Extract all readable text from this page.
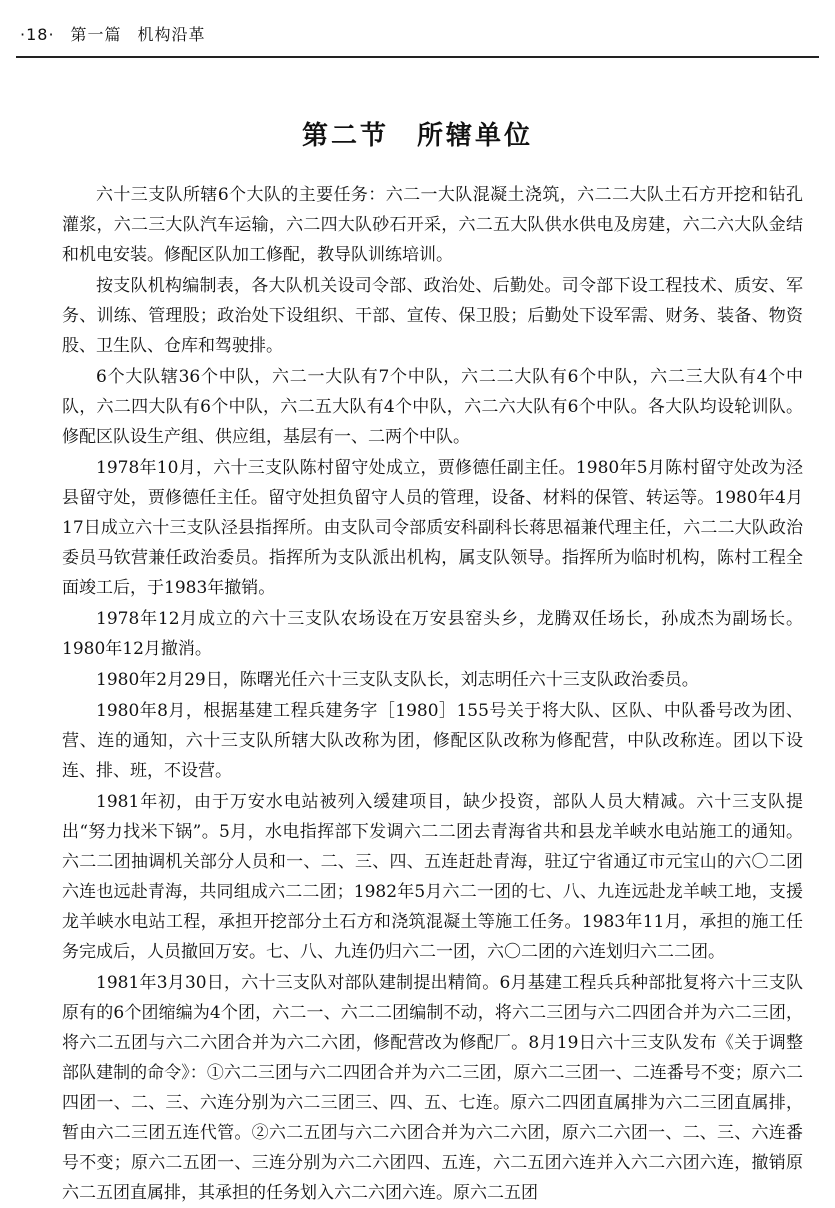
·18· 第一篇 机构沿革
第二节 所辖单位

六十三支队所辖6个大队的主要任务：六二一大队混凝土浇筑，六二二大队土石方开挖和钻孔灌浆，六二三大队汽车运输，六二四大队砂石开采，六二五大队供水供电及房建，六二六大队金结和机电安装。修配区队加工修配，教导队训练培训。

按支队机构编制表，各大队机关设司令部、政治处、后勤处。司令部下设工程技术、质安、军务、训练、管理股；政治处下设组织、干部、宣传、保卫股；后勤处下设军需、财务、装备、物资股、卫生队、仓库和驾驶排。

6个大队辖36个中队，六二一大队有7个中队，六二二大队有6个中队，六二三大队有4个中队，六二四大队有6个中队，六二五大队有4个中队，六二六大队有6个中队。各大队均设轮训队。修配区队设生产组、供应组，基层有一、二两个中队。

1978年10月，六十三支队陈村留守处成立，贾修德任副主任。1980年5月陈村留守处改为泾县留守处，贾修德任主任。留守处担负留守人员的管理，设备、材料的保管、转运等。1980年4月17日成立六十三支队泾县指挥所。由支队司令部质安科副科长蒋思福兼代理主任，六二二大队政治委员马钦营兼任政治委员。指挥所为支队派出机构，属支队领导。指挥所为临时机构，陈村工程全面竣工后，于1983年撤销。

1978年12月成立的六十三支队农场设在万安县窑头乡，龙腾双任场长，孙成杰为副场长。1980年12月撤消。

1980年2月29日，陈曙光任六十三支队支队长，刘志明任六十三支队政治委员。

1980年8月，根据基建工程兵建务字［1980］155号关于将大队、区队、中队番号改为团、营、连的通知，六十三支队所辖大队改称为团，修配区队改称为修配营，中队改称连。团以下设连、排、班，不设营。

1981年初，由于万安水电站被列入缓建项目，缺少投资，部队人员大精减。六十三支队提出“努力找米下锅”。5月，水电指挥部下发调六二二团去青海省共和县龙羊峡水电站施工的通知。六二二团抽调机关部分人员和一、二、三、四、五连赶赴青海，驻辽宁省通辽市元宝山的六〇二团六连也远赴青海，共同组成六二二团；1982年5月六二一团的七、八、九连远赴龙羊峡工地，支援龙羊峡水电站工程，承担开挖部分土石方和浇筑混凝土等施工任务。1983年11月，承担的施工任务完成后，人员撤回万安。七、八、九连仍归六二一团，六〇二团的六连划归六二二团。

1981年3月30日，六十三支队对部队建制提出精简。6月基建工程兵兵种部批复将六十三支队原有的6个团缩编为4个团，六二一、六二二团编制不动，将六二三团与六二四团合并为六二三团，将六二五团与六二六团合并为六二六团，修配营改为修配厂。8月19日六十三支队发布《关于调整部队建制的命令》：①六二三团与六二四团合并为六二三团，原六二三团一、二连番号不变；原六二四团一、二、三、六连分别为六二三团三、四、五、七连。原六二四团直属排为六二三团直属排，暂由六二三团五连代管。②六二五团与六二六团合并为六二六团，原六二六团一、二、三、六连番号不变；原六二五团一、三连分别为六二六团四、五连，六二五团六连并入六二六团六连，撤销原六二五团直属排，其承担的任务划入六二六团六连。原六二五团
